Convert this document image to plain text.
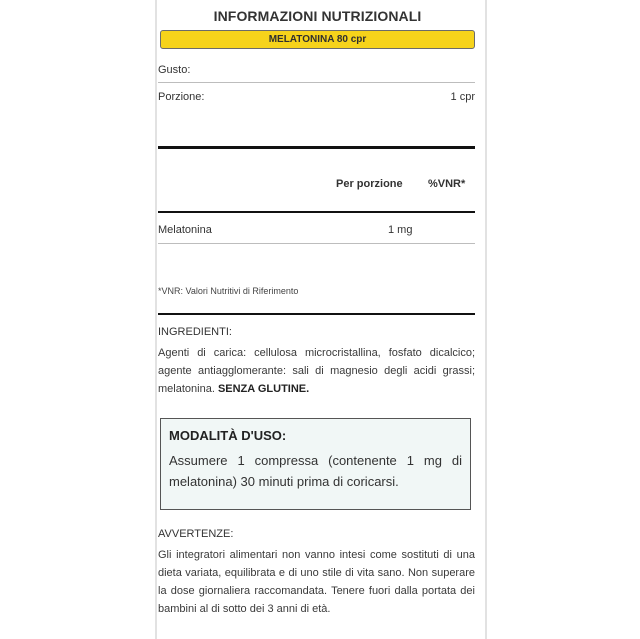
INFORMAZIONI NUTRIZIONALI
MELATONINA 80 cpr
Gusto:
Porzione:	1 cpr
Per porzione %VNR*
Melatonina	1 mg
*VNR: Valori Nutritivi di Riferimento
INGREDIENTI:
Agenti di carica: cellulosa microcristallina, fosfato dicalcico; agente antiagglomerante: sali di magnesio degli acidi grassi; melatonina. SENZA GLUTINE.
MODALITÀ D'USO:
Assumere 1 compressa (contenente 1 mg di melatonina) 30 minuti prima di coricarsi.
AVVERTENZE:
Gli integratori alimentari non vanno intesi come sostituti di una dieta variata, equilibrata e di uno stile di vita sano. Non superare la dose giornaliera raccomandata. Tenere fuori dalla portata dei bambini al di sotto dei 3 anni di età.
